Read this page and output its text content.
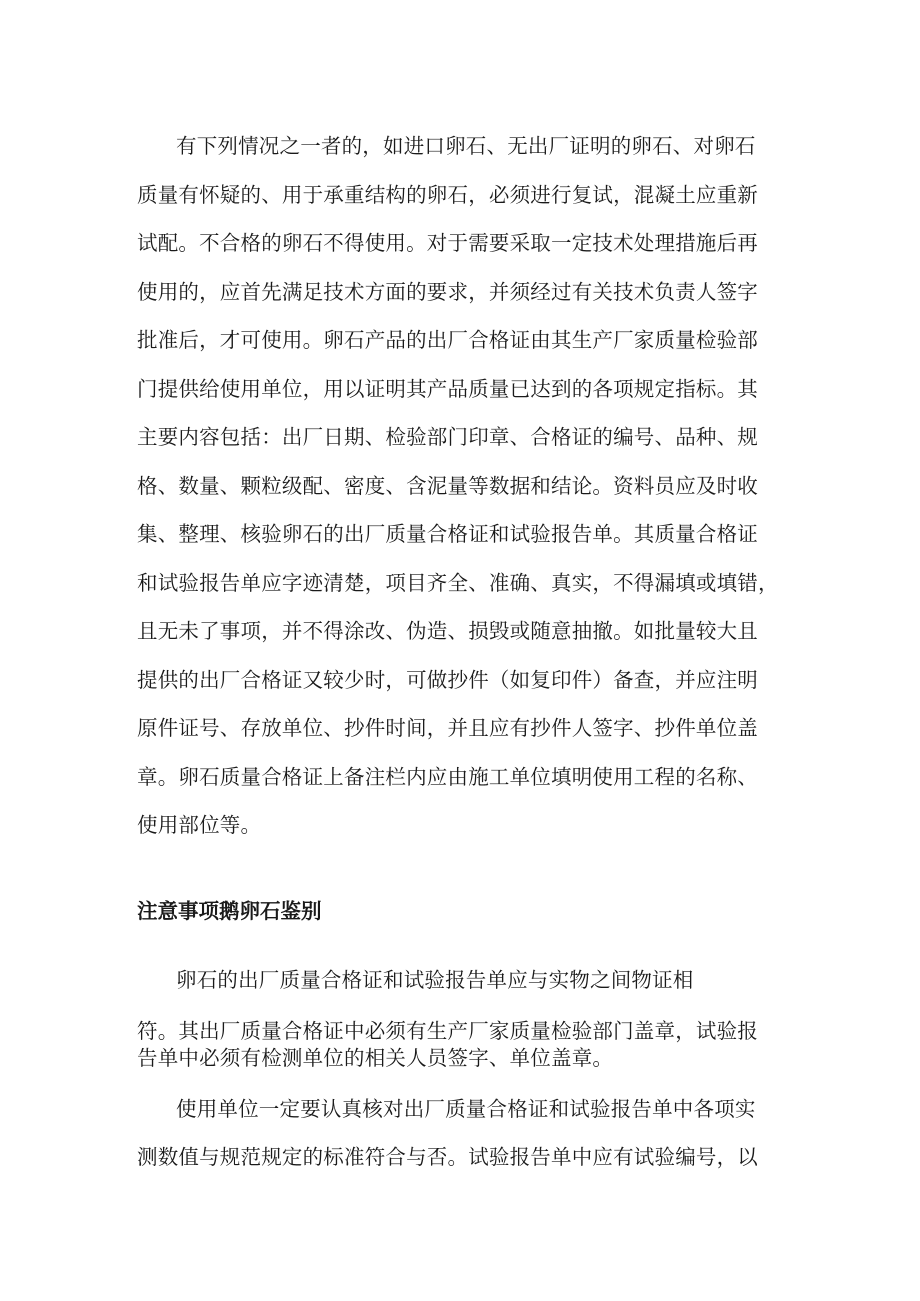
有下列情况之一者的，如进口卵石、无出厂证明的卵石、对卵石

质量有怀疑的、用于承重结构的卵石，必须进行复试，混凝土应重新

试配。不合格的卵石不得使用。对于需要采取一定技术处理措施后再

使用的，应首先满足技术方面的要求，并须经过有关技术负责人签字

批准后，才可使用。卵石产品的出厂合格证由其生产厂家质量检验部

门提供给使用单位，用以证明其产品质量已达到的各项规定指标。其

主要内容包括：出厂日期、检验部门印章、合格证的编号、品种、规

格、数量、颗粒级配、密度、含泥量等数据和结论。资料员应及时收

集、整理、核验卵石的出厂质量合格证和试验报告单。其质量合格证

和试验报告单应字迹清楚，项目齐全、准确、真实，不得漏填或填错，

且无未了事项，并不得涂改、伪造、损毁或随意抽撤。如批量较大且

提供的出厂合格证又较少时，可做抄件（如复印件）备查，并应注明

原件证号、存放单位、抄件时间，并且应有抄件人签字、抄件单位盖

章。卵石质量合格证上备注栏内应由施工单位填明使用工程的名称、

使用部位等。

注意事项鹅卵石鉴别

卵石的出厂质量合格证和试验报告单应与实物之间物证相

符。其出厂质量合格证中必须有生产厂家质量检验部门盖章，试验报

告单中必须有检测单位的相关人员签字、单位盖章。

使用单位一定要认真核对出厂质量合格证和试验报告单中各项实

测数值与规范规定的标准符合与否。试验报告单中应有试验编号，以
